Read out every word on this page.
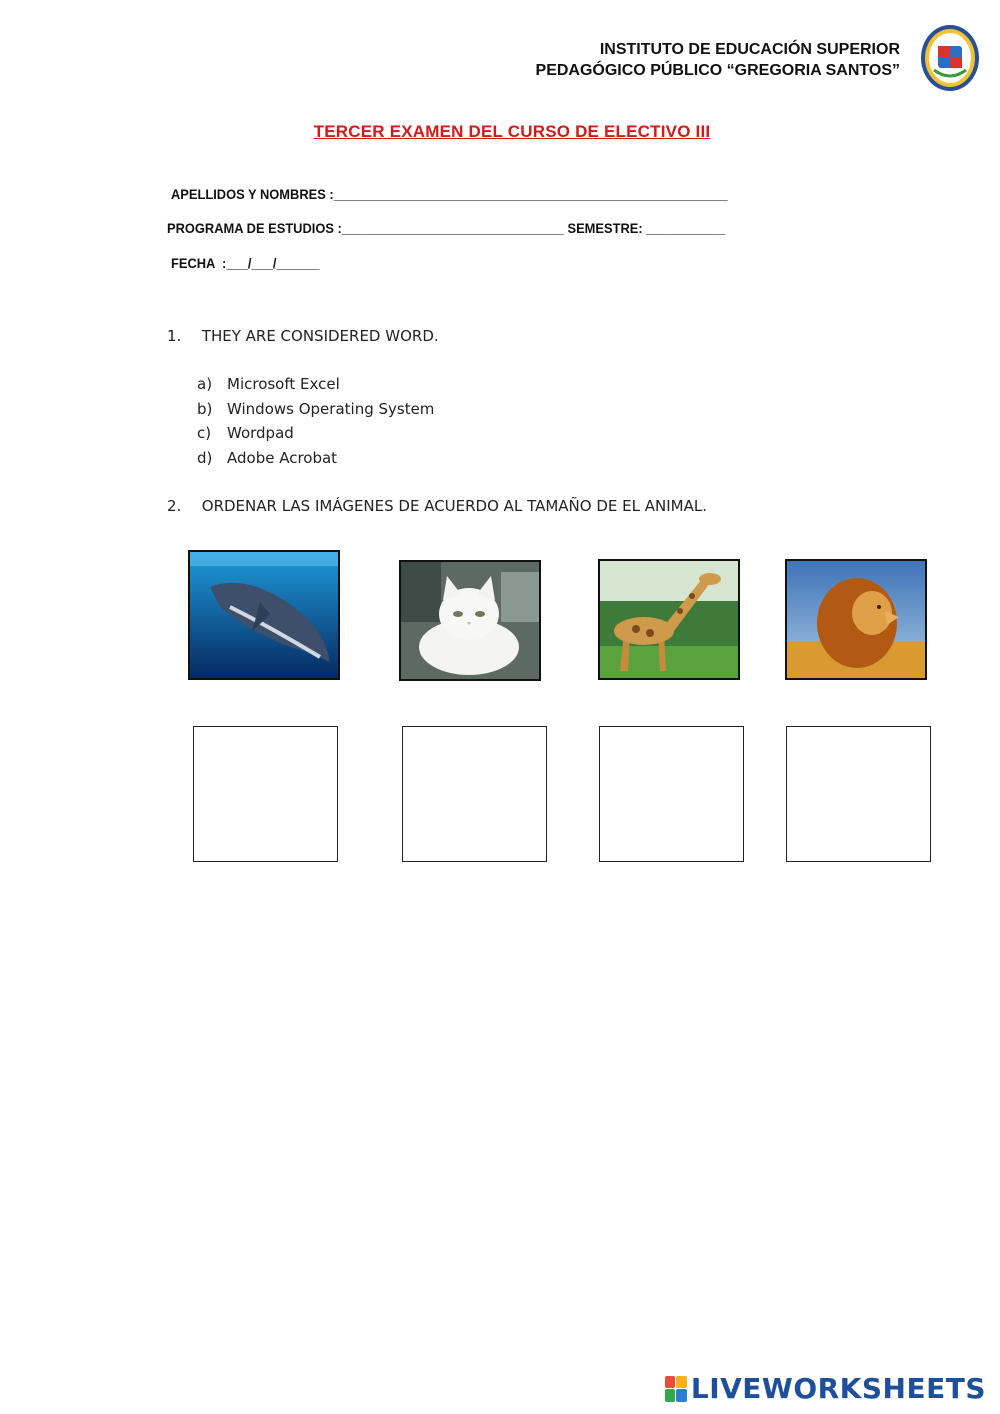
INSTITUTO DE EDUCACIÓN SUPERIOR
PEDAGÓGICO PÚBLICO “GREGORIA SANTOS”
TERCER EXAMEN DEL CURSO DE ELECTIVO III
APELLIDOS Y NOMBRES :_______________________________________________________
PROGRAMA DE ESTUDIOS :_______________________________ SEMESTRE: ___________
FECHA  :___/___/______
1. THEY ARE CONSIDERED WORD.
a) Microsoft Excel
b) Windows Operating System
c) Wordpad
d) Adobe Acrobat
2. ORDENAR LAS IMÁGENES DE ACUERDO AL TAMAÑO DE EL ANIMAL.
LIVEWORKSHEETS
